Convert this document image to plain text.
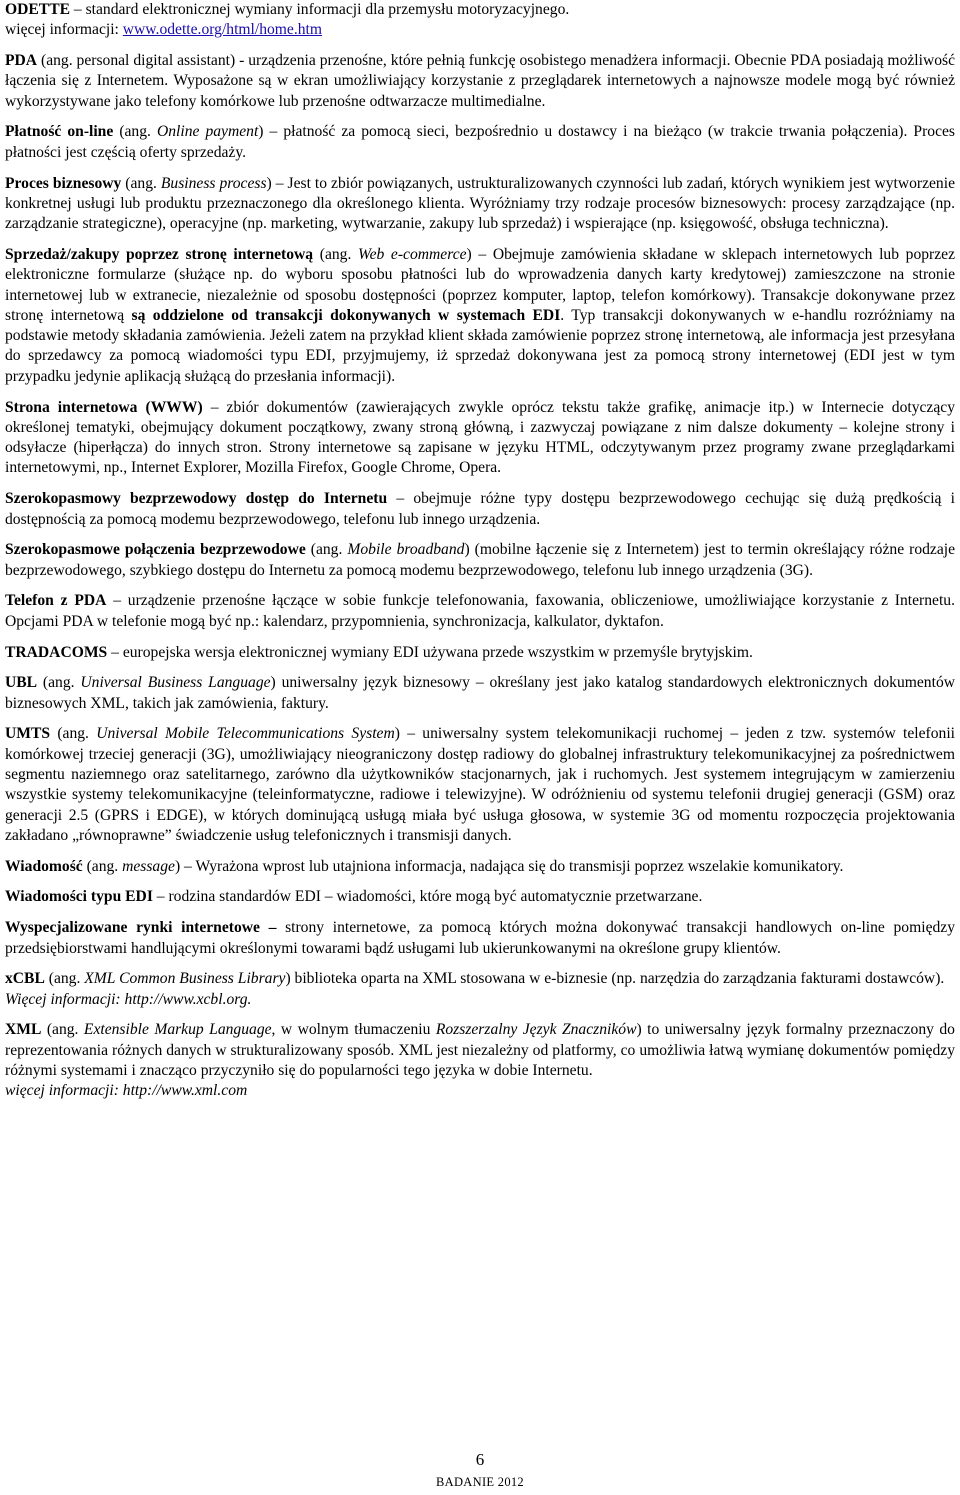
ODETTE – standard elektronicznej wymiany informacji dla przemysłu motoryzacyjnego.
więcej informacji: www.odette.org/html/home.htm
PDA (ang. personal digital assistant) - urządzenia przenośne, które pełnią funkcję osobistego menadżera informacji. Obecnie PDA posiadają możliwość łączenia się z Internetem. Wyposażone są w ekran umożliwiający korzystanie z przeglądarek internetowych a najnowsze modele mogą być również wykorzystywane jako telefony komórkowe lub przenośne odtwarzacze multimedialne.
Płatność on-line (ang. Online payment) – płatność za pomocą sieci, bezpośrednio u dostawcy i na bieżąco (w trakcie trwania połączenia). Proces płatności jest częścią oferty sprzedaży.
Proces biznesowy (ang. Business process) – Jest to zbiór powiązanych, ustrukturalizowanych czynności lub zadań, których wynikiem jest wytworzenie konkretnej usługi lub produktu przeznaczonego dla określonego klienta. Wyróżniamy trzy rodzaje procesów biznesowych: procesy zarządzające (np. zarządzanie strategiczne), operacyjne (np. marketing, wytwarzanie, zakupy lub sprzedaż) i wspierające (np. księgowość, obsługa techniczna).
Sprzedaż/zakupy poprzez stronę internetową (ang. Web e-commerce) – Obejmuje zamówienia składane w sklepach internetowych lub poprzez elektroniczne formularze (służące np. do wyboru sposobu płatności lub do wprowadzenia danych karty kredytowej) zamieszczone na stronie internetowej lub w extranecie, niezależnie od sposobu dostępności (poprzez komputer, laptop, telefon komórkowy). Transakcje dokonywane przez stronę internetową są oddzielone od transakcji dokonywanych w systemach EDI. Typ transakcji dokonywanych w e-handlu rozróżniamy na podstawie metody składania zamówienia. Jeżeli zatem na przykład klient składa zamówienie poprzez stronę internetową, ale informacja jest przesyłana do sprzedawcy za pomocą wiadomości typu EDI, przyjmujemy, iż sprzedaż dokonywana jest za pomocą strony internetowej (EDI jest w tym przypadku jedynie aplikacją służącą do przesłania informacji).
Strona internetowa (WWW) – zbiór dokumentów (zawierających zwykle oprócz tekstu także grafikę, animacje itp.) w Internecie dotyczący określonej tematyki, obejmujący dokument początkowy, zwany stroną główną, i zazwyczaj powiązane z nim dalsze dokumenty – kolejne strony i odsyłacze (hiperłącza) do innych stron. Strony internetowe są zapisane w języku HTML, odczytywanym przez programy zwane przeglądarkami internetowymi, np., Internet Explorer, Mozilla Firefox, Google Chrome, Opera.
Szerokopasmowy bezprzewodowy dostęp do Internetu – obejmuje różne typy dostępu bezprzewodowego cechując się dużą prędkością i dostępnością za pomocą modemu bezprzewodowego, telefonu lub innego urządzenia.
Szerokopasmowe połączenia bezprzewodowe (ang. Mobile broadband) (mobilne łączenie się z Internetem) jest to termin określający różne rodzaje bezprzewodowego, szybkiego dostępu do Internetu za pomocą modemu bezprzewodowego, telefonu lub innego urządzenia (3G).
Telefon z PDA – urządzenie przenośne łączące w sobie funkcje telefonowania, faxowania, obliczeniowe, umożliwiające korzystanie z Internetu. Opcjami PDA w telefonie mogą być np.: kalendarz, przypomnienia, synchronizacja, kalkulator, dyktafon.
TRADACOMS – europejska wersja elektronicznej wymiany EDI używana przede wszystkim w przemyśle brytyjskim.
UBL (ang. Universal Business Language) uniwersalny język biznesowy – określany jest jako katalog standardowych elektronicznych dokumentów biznesowych XML, takich jak zamówienia, faktury.
UMTS (ang. Universal Mobile Telecommunications System) – uniwersalny system telekomunikacji ruchomej – jeden z tzw. systemów telefonii komórkowej trzeciej generacji (3G), umożliwiający nieograniczony dostęp radiowy do globalnej infrastruktury telekomunikacyjnej za pośrednictwem segmentu naziemnego oraz satelitarnego, zarówno dla użytkowników stacjonarnych, jak i ruchomych. Jest systemem integrującym w zamierzeniu wszystkie systemy telekomunikacyjne (teleinformatyczne, radiowe i telewizyjne). W odróżnieniu od systemu telefonii drugiej generacji (GSM) oraz generacji 2.5 (GPRS i EDGE), w których dominującą usługą miała być usługa głosowa, w systemie 3G od momentu rozpoczęcia projektowania zakładano „równoprawne” świadczenie usług telefonicznych i transmisji danych.
Wiadomość (ang. message) – Wyrażona wprost lub utajniona informacja, nadająca się do transmisji poprzez wszelakie komunikatory.
Wiadomości typu EDI – rodzina standardów EDI – wiadomości, które mogą być automatycznie przetwarzane.
Wyspecjalizowane rynki internetowe – strony internetowe, za pomocą których można dokonywać transakcji handlowych on-line pomiędzy przedsiębiorstwami handlującymi określonymi towarami bądź usługami lub ukierunkowanymi na określone grupy klientów.
xCBL (ang. XML Common Business Library) biblioteka oparta na XML stosowana w e-biznesie (np. narzędzia do zarządzania fakturami dostawców).
Więcej informacji: http://www.xcbl.org.
XML (ang. Extensible Markup Language, w wolnym tłumaczeniu Rozszerzalny Język Znaczników) to uniwersalny język formalny przeznaczony do reprezentowania różnych danych w strukturalizowany sposób. XML jest niezależny od platformy, co umożliwia łatwą wymianę dokumentów pomiędzy różnymi systemami i znacząco przyczyniło się do popularności tego języka w dobie Internetu.
więcej informacji: http://www.xml.com
6
BADANIE 2012
